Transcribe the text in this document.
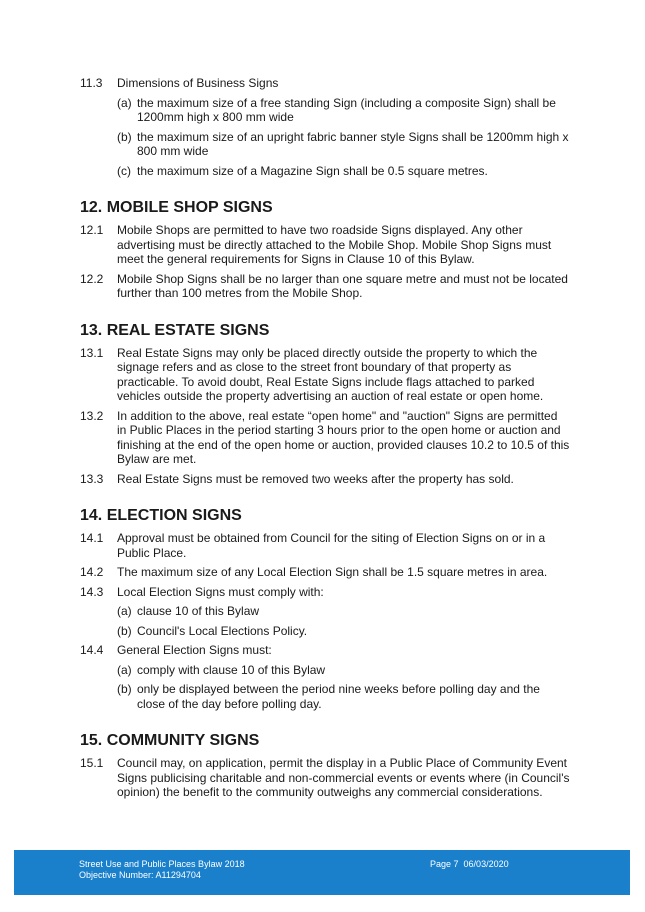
11.3	Dimensions of Business Signs
(a) the maximum size of a free standing Sign (including a composite Sign) shall be 1200mm high x 800 mm wide
(b) the maximum size of an upright fabric banner style Signs shall be 1200mm high x 800 mm wide
(c) the maximum size of a Magazine Sign shall be 0.5 square metres.
12. MOBILE SHOP SIGNS
12.1	Mobile Shops are permitted to have two roadside Signs displayed. Any other advertising must be directly attached to the Mobile Shop. Mobile Shop Signs must meet the general requirements for Signs in Clause 10 of this Bylaw.
12.2	Mobile Shop Signs shall be no larger than one square metre and must not be located further than 100 metres from the Mobile Shop.
13. REAL ESTATE SIGNS
13.1	Real Estate Signs may only be placed directly outside the property to which the signage refers and as close to the street front boundary of that property as practicable. To avoid doubt, Real Estate Signs include flags attached to parked vehicles outside the property advertising an auction of real estate or open home.
13.2	In addition to the above, real estate “open home" and "auction" Signs are permitted in Public Places in the period starting 3 hours prior to the open home or auction and finishing at the end of the open home or auction, provided clauses 10.2 to 10.5 of this Bylaw are met.
13.3	Real Estate Signs must be removed two weeks after the property has sold.
14. ELECTION SIGNS
14.1	Approval must be obtained from Council for the siting of Election Signs on or in a Public Place.
14.2	The maximum size of any Local Election Sign shall be 1.5 square metres in area.
14.3	Local Election Signs must comply with:
(a) clause 10 of this Bylaw
(b) Council's Local Elections Policy.
14.4	General Election Signs must:
(a) comply with clause 10 of this Bylaw
(b) only be displayed between the period nine weeks before polling day and the close of the day before polling day.
15. COMMUNITY SIGNS
15.1	Council may, on application, permit the display in a Public Place of Community Event Signs publicising charitable and non-commercial events or events where (in Council's opinion) the benefit to the community outweighs any commercial considerations.
Street Use and Public Places Bylaw 2018
Objective Number: A11294704
Page 7 06/03/2020
